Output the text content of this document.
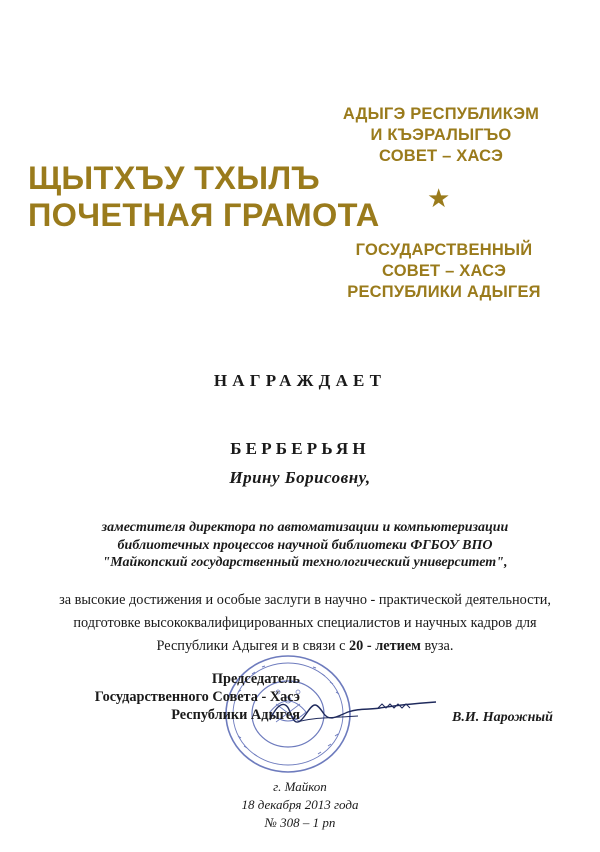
АДЫГЭ РЕСПУБЛИКЭМ
И КЪЭРАЛЫГЪО
СОВЕТ – ХАСЭ
ЩЫТХЪУ ТХЫЛЪ
ПОЧЕТНАЯ ГРАМОТА	★
ГОСУДАРСТВЕННЫЙ
СОВЕТ – ХАСЭ
РЕСПУБЛИКИ АДЫГЕЯ
НАГРАЖДАЕТ
БЕРБЕРЬЯН
Ирину Борисовну,
заместителя директора по автоматизации и компьютеризации
библиотечных процессов научной библиотеки ФГБОУ ВПО
"Майкопский государственный технологический университет",
за высокие достижения и особые заслуги в научно - практической деятельности,
подготовке высококвалифицированных специалистов и научных кадров для
Республики Адыгея и в связи с 20 - летием вуза.
Председатель
Государственного Совета - Хасэ
Республики Адыгея	В.И. Нарожный
г. Майкоп
18 декабря 2013 года
№ 308 – 1 рп
